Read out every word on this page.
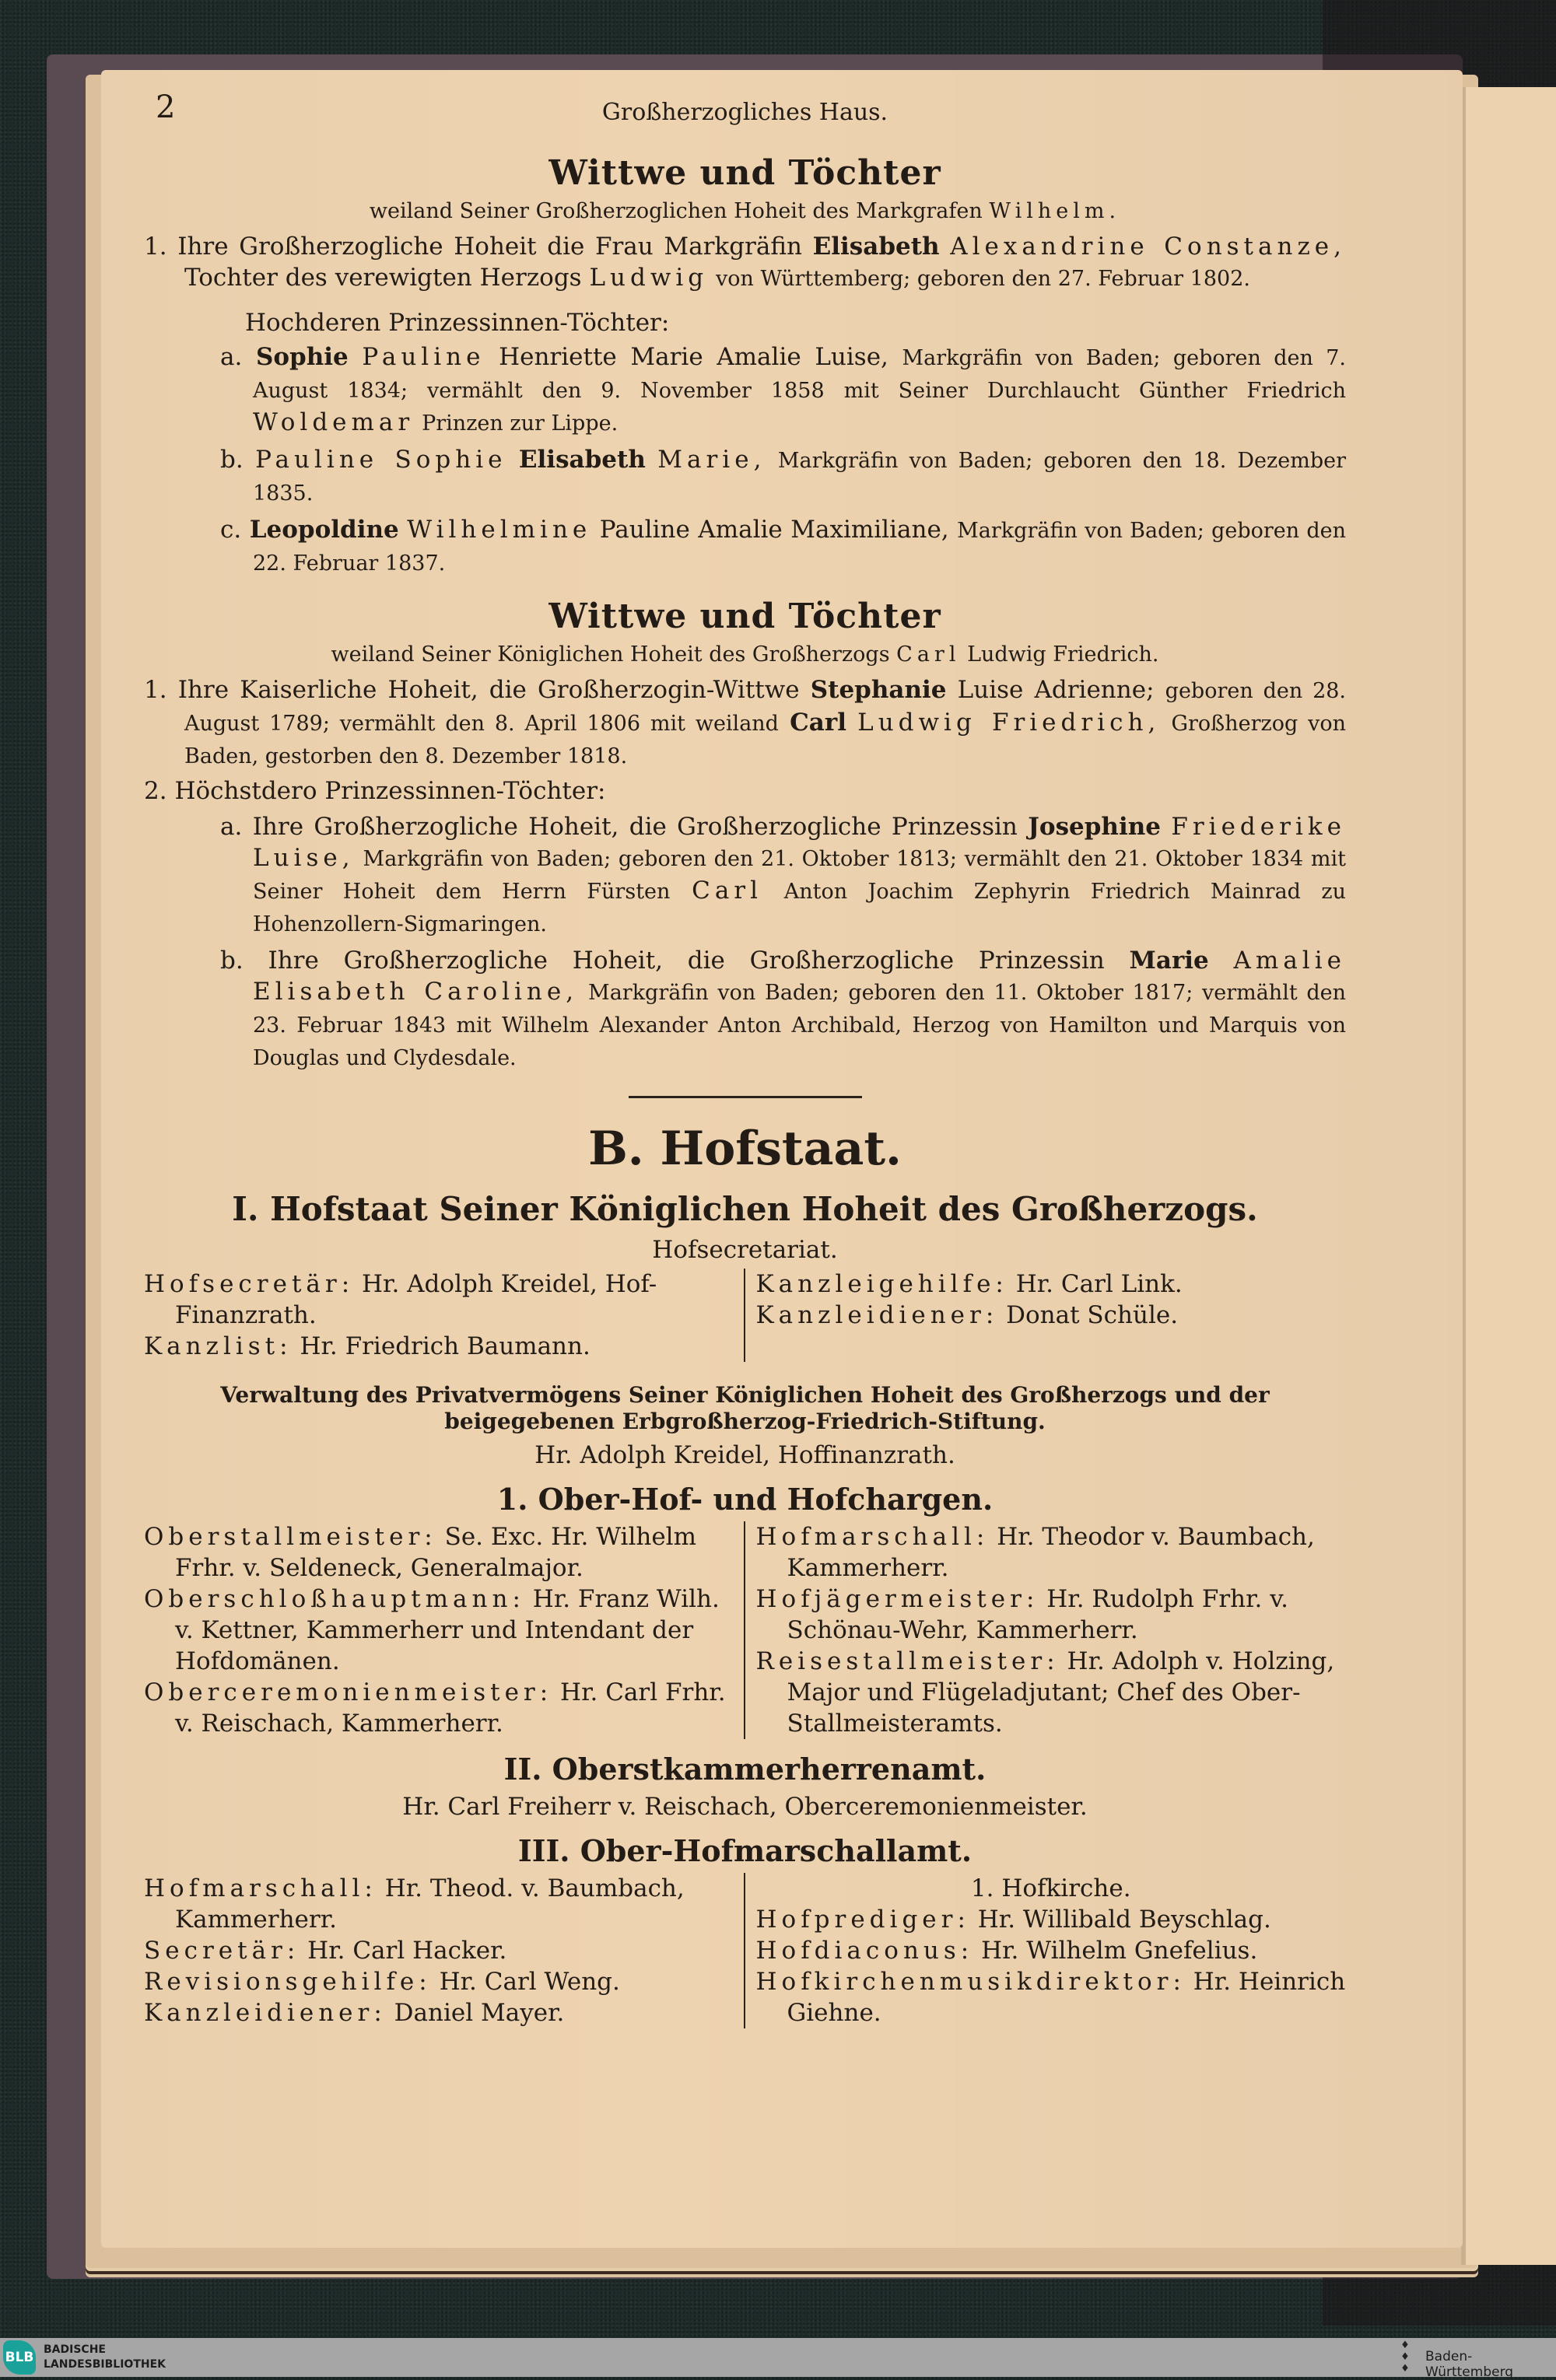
2	Großherzogliches Haus.
Wittwe und Töchter
weiland Seiner Großherzoglichen Hoheit des Markgrafen Wilhelm.

1. Ihre Großherzogliche Hoheit die Frau Markgräfin Elisabeth Alexandrine Constanze, Tochter des verewigten Herzogs Ludwig von Württemberg; geboren den 27. Februar 1802.

Hochderen Prinzessinnen-Töchter:

a. Sophie Pauline Henriette Marie Amalie Luise, Markgräfin von Baden; geboren den 7. August 1834; vermählt den 9. November 1858 mit Seiner Durchlaucht Günther Friedrich Woldemar Prinzen zur Lippe.

b. Pauline Sophie Elisabeth Marie, Markgräfin von Baden; geboren den 18. Dezember 1835.

c. Leopoldine Wilhelmine Pauline Amalie Maximiliane, Markgräfin von Baden; geboren den 22. Februar 1837.

Wittwe und Töchter
weiland Seiner Königlichen Hoheit des Großherzogs Carl Ludwig Friedrich.

1. Ihre Kaiserliche Hoheit, die Großherzogin-Wittwe Stephanie Luise Adrienne; geboren den 28. August 1789; vermählt den 8. April 1806 mit weiland Carl Ludwig Friedrich, Großherzog von Baden, gestorben den 8. Dezember 1818.

2. Höchstdero Prinzessinnen-Töchter:

a. Ihre Großherzogliche Hoheit, die Großherzogliche Prinzessin Josephine Friederike Luise, Markgräfin von Baden; geboren den 21. Oktober 1813; vermählt den 21. Oktober 1834 mit Seiner Hoheit dem Herrn Fürsten Carl Anton Joachim Zephyrin Friedrich Mainrad zu Hohenzollern-Sigmaringen.

b. Ihre Großherzogliche Hoheit, die Großherzogliche Prinzessin Marie Amalie Elisabeth Caroline, Markgräfin von Baden; geboren den 11. Oktober 1817; vermählt den 23. Februar 1843 mit Wilhelm Alexander Anton Archibald, Herzog von Hamilton und Marquis von Douglas und Clydesdale.

B. Hofstaat.
I. Hofstaat Seiner Königlichen Hoheit des Großherzogs.
Hofsecretariat.

Hofsecretär: Hr. Adolph Kreidel, Hof-Finanzrath.

Kanzlist: Hr. Friedrich Baumann.

Kanzleigehilfe: Hr. Carl Link.

Kanzleidiener: Donat Schüle.

Verwaltung des Privatvermögens Seiner Königlichen Hoheit des Großherzogs und der beigegebenen Erbgroßherzog-Friedrich-Stiftung.

Hr. Adolph Kreidel, Hoffinanzrath.

1. Ober-Hof- und Hofchargen.

Oberstallmeister: Se. Exc. Hr. Wilhelm Frhr. v. Seldeneck, Generalmajor.

Oberschloßhauptmann: Hr. Franz Wilh. v. Kettner, Kammerherr und Intendant der Hofdomänen.

Oberceremonienmeister: Hr. Carl Frhr. v. Reischach, Kammerherr.

Hofmarschall: Hr. Theodor v. Baumbach, Kammerherr.

Hofjägermeister: Hr. Rudolph Frhr. v. Schönau-Wehr, Kammerherr.

Reisestallmeister: Hr. Adolph v. Holzing, Major und Flügeladjutant; Chef des Ober-Stallmeisteramts.

II. Oberstkammerherrenamt.

Hr. Carl Freiherr v. Reischach, Oberceremonienmeister.

III. Ober-Hofmarschallamt.

Hofmarschall: Hr. Theod. v. Baumbach, Kammerherr.

Secretär: Hr. Carl Hacker.

Revisionsgehilfe: Hr. Carl Weng.

Kanzleidiener: Daniel Mayer.

1. Hofkirche.

Hofprediger: Hr. Willibald Beyschlag.

Hofdiaconus: Hr. Wilhelm Gnefelius.

Hofkirchenmusikdirektor: Hr. Heinrich Giehne.

BLB BADISCHE
LANDESBIBLIOTHEK
♦
♦
♦
Baden-Württemberg
